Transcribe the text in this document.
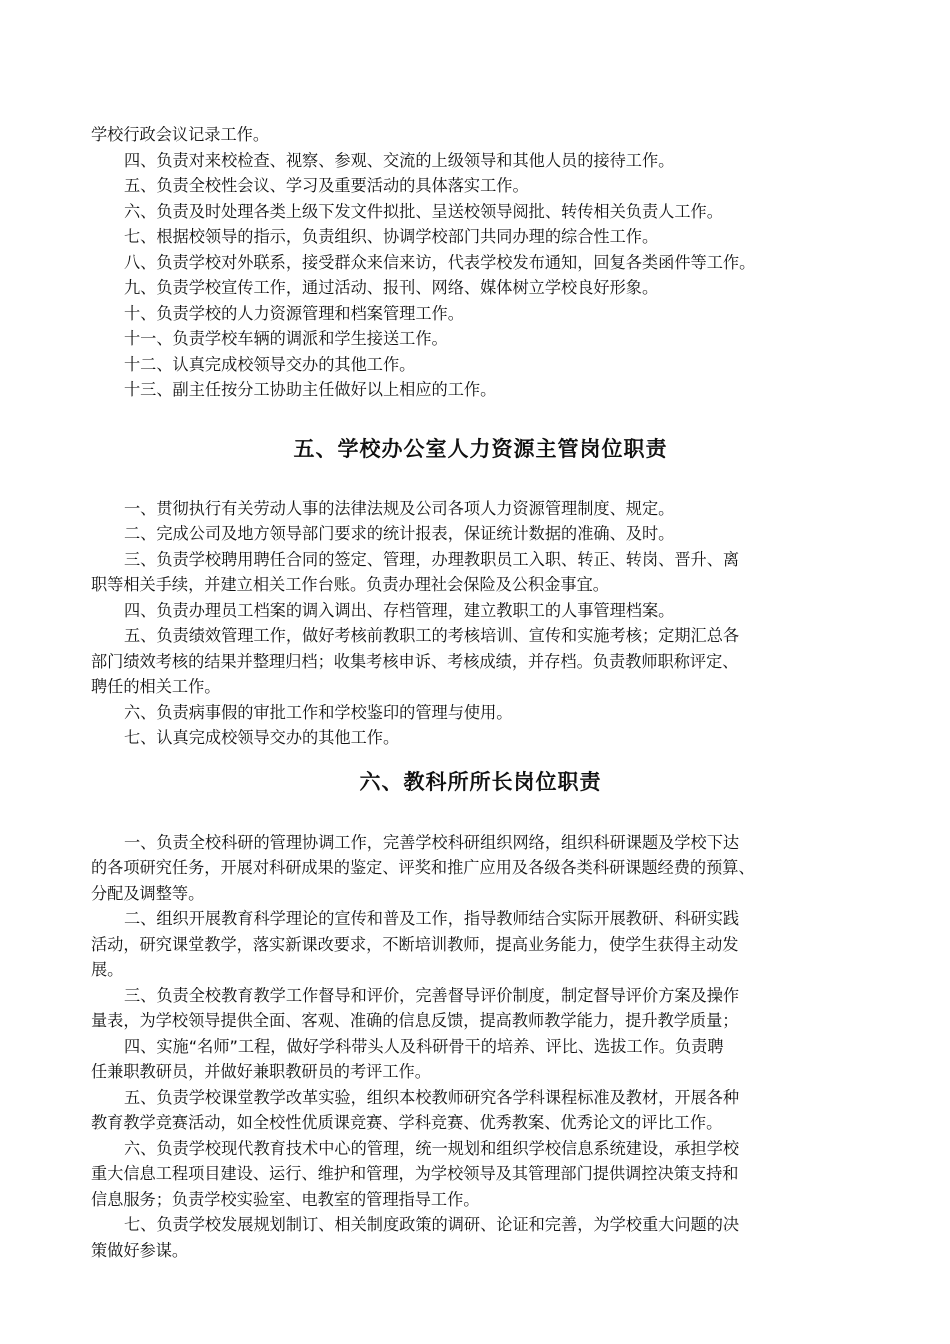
学校行政会议记录工作。

四、负责对来校检查、视察、参观、交流的上级领导和其他人员的接待工作。

五、负责全校性会议、学习及重要活动的具体落实工作。

六、负责及时处理各类上级下发文件拟批、呈送校领导阅批、转传相关负责人工作。

七、根据校领导的指示，负责组织、协调学校部门共同办理的综合性工作。

八、负责学校对外联系，接受群众来信来访，代表学校发布通知，回复各类函件等工作。

九、负责学校宣传工作，通过活动、报刊、网络、媒体树立学校良好形象。

十、负责学校的人力资源管理和档案管理工作。

十一、负责学校车辆的调派和学生接送工作。

十二、认真完成校领导交办的其他工作。

十三、副主任按分工协助主任做好以上相应的工作。

五、学校办公室人力资源主管岗位职责

一、贯彻执行有关劳动人事的法律法规及公司各项人力资源管理制度、规定。

二、完成公司及地方领导部门要求的统计报表，保证统计数据的准确、及时。

三、负责学校聘用聘任合同的签定、管理，办理教职员工入职、转正、转岗、晋升、离

职等相关手续，并建立相关工作台账。负责办理社会保险及公积金事宜。

四、负责办理员工档案的调入调出、存档管理，建立教职工的人事管理档案。

五、负责绩效管理工作，做好考核前教职工的考核培训、宣传和实施考核；定期汇总各

部门绩效考核的结果并整理归档；收集考核申诉、考核成绩，并存档。负责教师职称评定、

聘任的相关工作。

六、负责病事假的审批工作和学校鉴印的管理与使用。

七、认真完成校领导交办的其他工作。

六、教科所所长岗位职责

一、负责全校科研的管理协调工作，完善学校科研组织网络，组织科研课题及学校下达

的各项研究任务，开展对科研成果的鉴定、评奖和推广应用及各级各类科研课题经费的预算、

分配及调整等。

二、组织开展教育科学理论的宣传和普及工作，指导教师结合实际开展教研、科研实践

活动，研究课堂教学，落实新课改要求，不断培训教师，提高业务能力，使学生获得主动发

展。

三、负责全校教育教学工作督导和评价，完善督导评价制度，制定督导评价方案及操作

量表，为学校领导提供全面、客观、准确的信息反馈，提高教师教学能力，提升教学质量；

四、实施“名师”工程，做好学科带头人及科研骨干的培养、评比、选拔工作。负责聘

任兼职教研员，并做好兼职教研员的考评工作。

五、负责学校课堂教学改革实验，组织本校教师研究各学科课程标准及教材，开展各种

教育教学竞赛活动，如全校性优质课竞赛、学科竞赛、优秀教案、优秀论文的评比工作。

六、负责学校现代教育技术中心的管理，统一规划和组织学校信息系统建设，承担学校

重大信息工程项目建设、运行、维护和管理，为学校领导及其管理部门提供调控决策支持和

信息服务；负责学校实验室、电教室的管理指导工作。

七、负责学校发展规划制订、相关制度政策的调研、论证和完善，为学校重大问题的决

策做好参谋。
